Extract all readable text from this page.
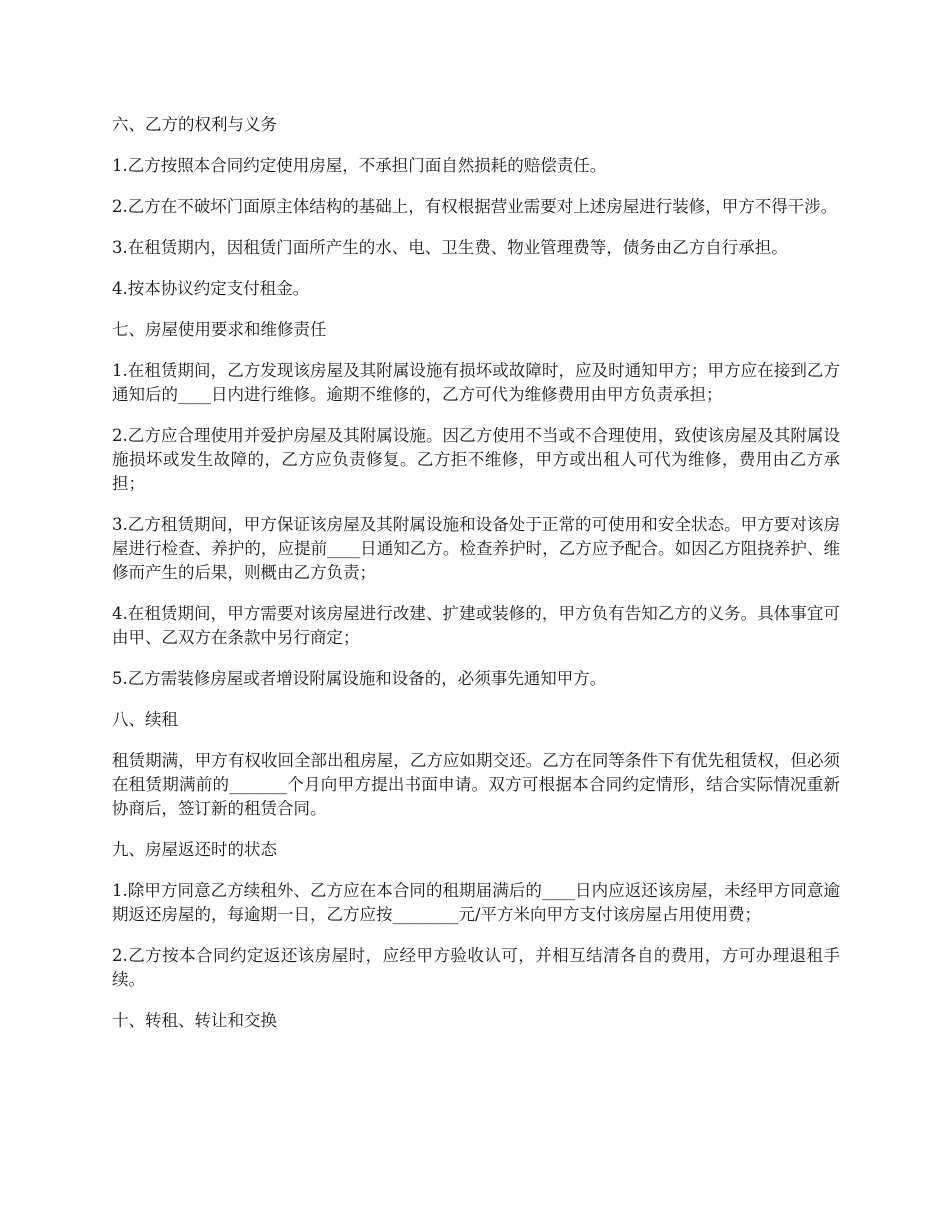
六、乙方的权利与义务

1.乙方按照本合同约定使用房屋，不承担门面自然损耗的赔偿责任。

2.乙方在不破坏门面原主体结构的基础上，有权根据营业需要对上述房屋进行装修，甲方不得干涉。

3.在租赁期内，因租赁门面所产生的水、电、卫生费、物业管理费等，债务由乙方自行承担。

4.按本协议约定支付租金。

七、房屋使用要求和维修责任

1.在租赁期间，乙方发现该房屋及其附属设施有损坏或故障时，应及时通知甲方；甲方应在接到乙方通知后的____日内进行维修。逾期不维修的，乙方可代为维修费用由甲方负责承担；

2.乙方应合理使用并爱护房屋及其附属设施。因乙方使用不当或不合理使用，致使该房屋及其附属设施损坏或发生故障的，乙方应负责修复。乙方拒不维修，甲方或出租人可代为维修，费用由乙方承担；

3.乙方租赁期间，甲方保证该房屋及其附属设施和设备处于正常的可使用和安全状态。甲方要对该房屋进行检查、养护的，应提前____日通知乙方。检查养护时，乙方应予配合。如因乙方阻挠养护、维修而产生的后果，则概由乙方负责；

4.在租赁期间，甲方需要对该房屋进行改建、扩建或装修的，甲方负有告知乙方的义务。具体事宜可由甲、乙双方在条款中另行商定；

5.乙方需装修房屋或者增设附属设施和设备的，必须事先通知甲方。

八、续租

租赁期满，甲方有权收回全部出租房屋，乙方应如期交还。乙方在同等条件下有优先租赁权，但必须在租赁期满前的_______个月向甲方提出书面申请。双方可根据本合同约定情形，结合实际情况重新协商后，签订新的租赁合同。

九、房屋返还时的状态

1.除甲方同意乙方续租外、乙方应在本合同的租期届满后的____日内应返还该房屋，未经甲方同意逾期返还房屋的，每逾期一日，乙方应按________元/平方米向甲方支付该房屋占用使用费；

2.乙方按本合同约定返还该房屋时，应经甲方验收认可，并相互结清各自的费用，方可办理退租手续。

十、转租、转让和交换
